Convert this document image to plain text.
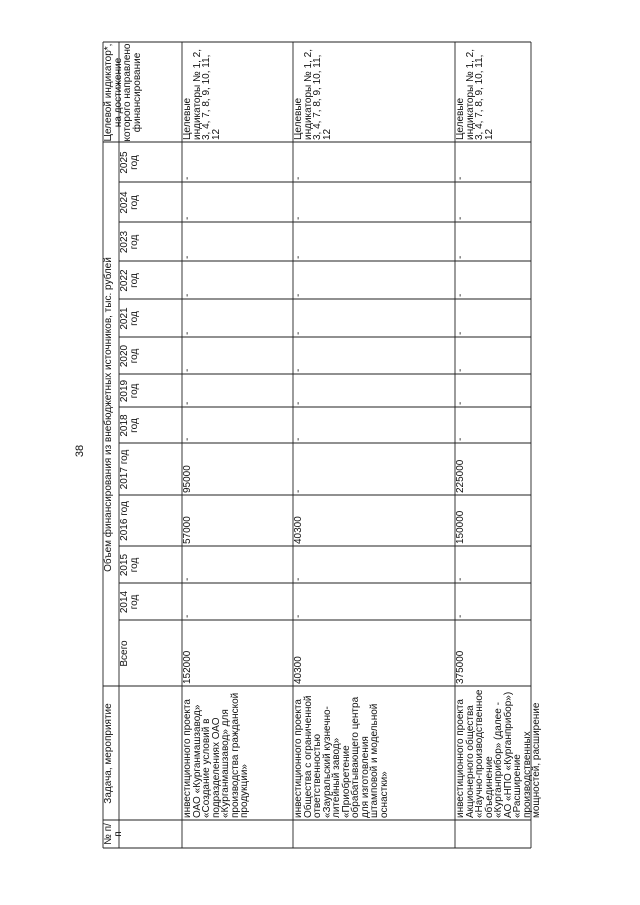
38
№ п/п
Задача, мероприятие
Объем финансирования из внебюджетных источников, тыс. рублей
Целевой индикатор*, на достижение которого направлено финансирование
Всего
2014 год
2015 год
2016 год
2017 год
2018 год
2019 год
2020 год
2021 год
2022 год
2023 год
2024 год
2025 год
инвестиционного проекта ОАО «Курганмашзавод» «Создание условий в подразделениях ОАО «Курганмашзавод» для производства гражданской продукции»
152000
-
-
57000
95000
-
-
-
-
-
-
-
-
Целевые индикаторы № 1, 2, 3, 4, 7, 8, 9, 10, 11, 12
инвестиционного проекта Общества с ограниченной ответственностью «Зауральский кузнечно-литейный завод» «Приобретение обрабатывающего центра для изготовления штамповой и модельной оснастки»
40300
-
-
40300
-
-
-
-
-
-
-
-
-
Целевые индикаторы № 1, 2, 3, 4, 7, 8, 9, 10, 11, 12
инвестиционного проекта Акционерного общества «Научно-производственное объединение «Курганприбор» (далее - АО «НПО «Курганприбор») «Расширение производственных мощностей, расширение
375000
-
-
150000
225000
-
-
-
-
-
-
-
-
Целевые индикаторы № 1, 2, 3, 4, 7, 8, 9, 10, 11, 12
